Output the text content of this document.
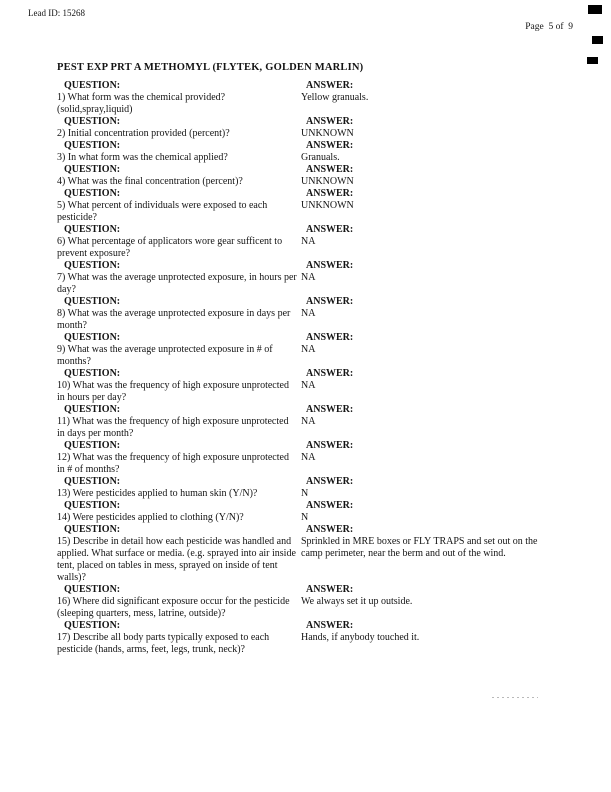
Lead ID: 15268
Page  5 of  9
PEST EXP PRT A METHOMYL (FLYTEK, GOLDEN MARLIN)
QUESTION:
1) What form was the chemical provided?(solid,spray,liquid)
ANSWER:
Yellow granuals.
QUESTION:
2) Initial concentration provided (percent)?
ANSWER:
UNKNOWN
QUESTION:
3) In what form was the chemical applied?
ANSWER:
Granuals.
QUESTION:
4) What was the final concentration (percent)?
ANSWER:
UNKNOWN
QUESTION:
5) What percent of individuals were exposed to each pesticide?
ANSWER:
UNKNOWN
QUESTION:
6) What percentage of applicators wore gear sufficent to prevent exposure?
ANSWER:
NA
QUESTION:
7) What was the average unprotected exposure, in hours per day?
ANSWER:
NA
QUESTION:
8) What was the average unprotected exposure in days per month?
ANSWER:
NA
QUESTION:
9) What was the average unprotected exposure in # of months?
ANSWER:
NA
QUESTION:
10) What was the frequency of high exposure unprotected in hours per day?
ANSWER:
NA
QUESTION:
11) What was the frequency of high exposure unprotected in days per month?
ANSWER:
NA
QUESTION:
12) What was the frequency of high exposure unprotected in # of months?
ANSWER:
NA
QUESTION:
13) Were pesticides applied to human skin (Y/N)?
ANSWER:
N
QUESTION:
14) Were pesticides applied to clothing (Y/N)?
ANSWER:
N
QUESTION:
15) Describe in detail how each pesticide was handled and applied. What surface or media. (e.g. sprayed into air inside tent, placed on tables in mess, sprayed on inside of tent walls)?
ANSWER:
Sprinkled in MRE boxes or FLY TRAPS and set out on the camp perimeter, near the berm and out of the wind.
QUESTION:
16) Where did significant exposure occur for the pesticide (sleeping quarters, mess, latrine, outside)?
ANSWER:
We always set it up outside.
QUESTION:
17) Describe all body parts typically exposed to each pesticide (hands, arms, feet, legs, trunk, neck)?
ANSWER:
Hands, if anybody touched it.
